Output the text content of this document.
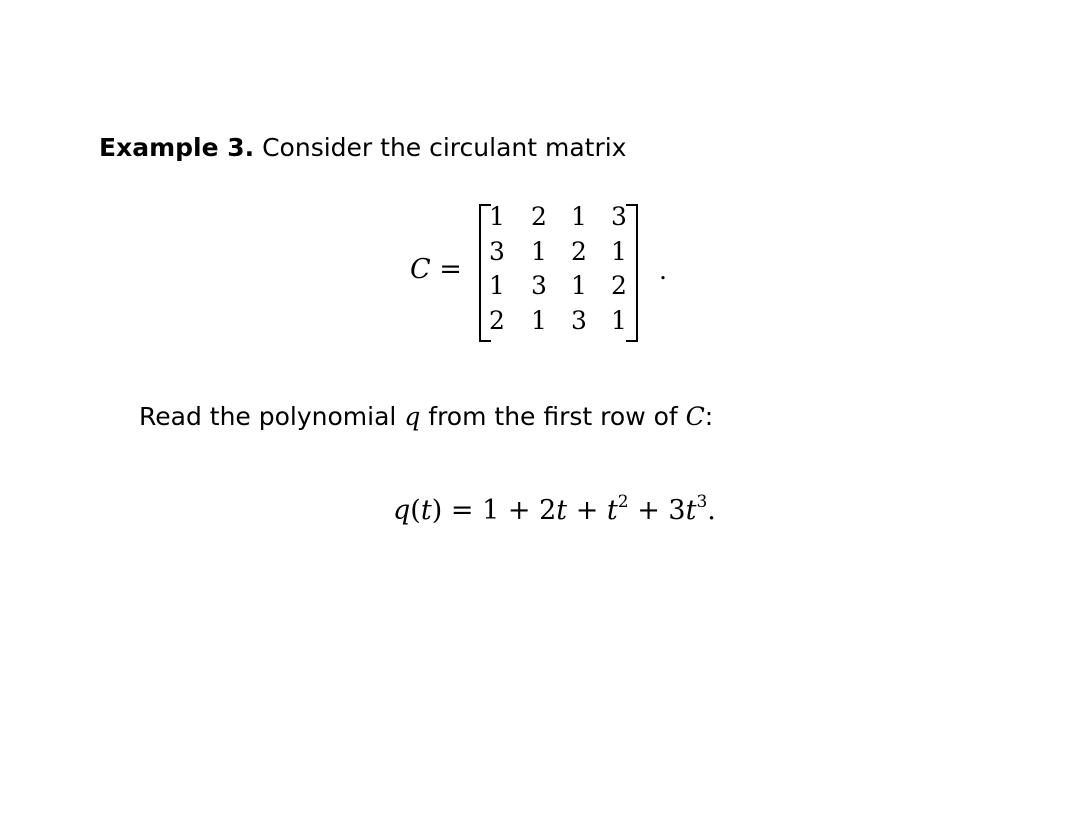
Example 3. Consider the circulant matrix
C =
1	2 1 3
3	1 2 1
1	3 1 2
2	1 3 1
.
Read the polynomial q from the first row of C:
$q(t) = 1 + 2t + t^2 + 3t^3$.
